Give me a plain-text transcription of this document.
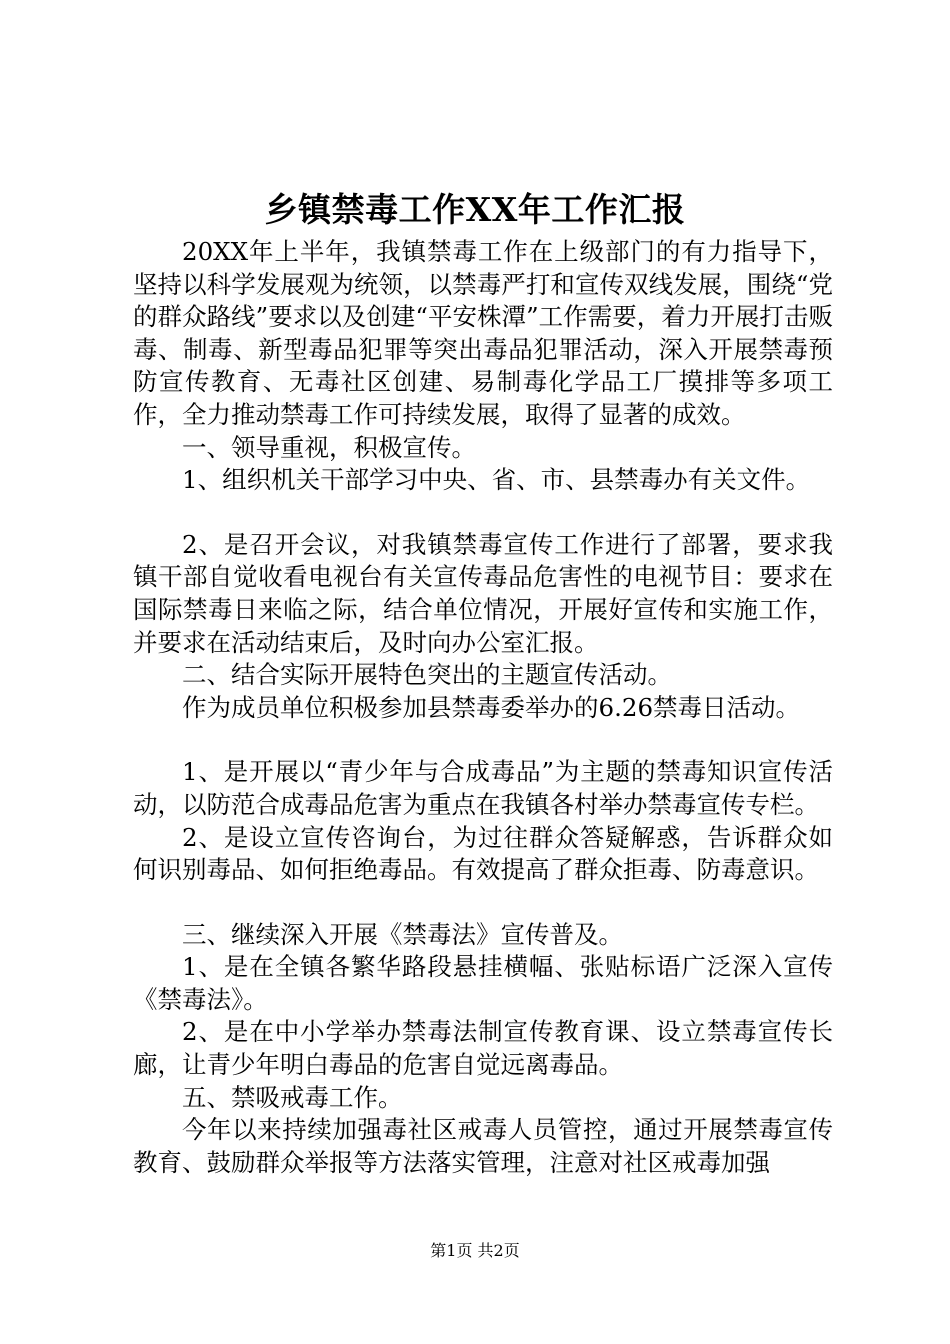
乡镇禁毒工作XX年工作汇报

20XX年上半年，我镇禁毒工作在上级部门的有力指导下，坚持以科学发展观为统领，以禁毒严打和宣传双线发展，围绕“党的群众路线”要求以及创建“平安株潭”工作需要，着力开展打击贩毒、制毒、新型毒品犯罪等突出毒品犯罪活动，深入开展禁毒预防宣传教育、无毒社区创建、易制毒化学品工厂摸排等多项工作，全力推动禁毒工作可持续发展，取得了显著的成效。

一、领导重视，积极宣传。

1、组织机关干部学习中央、省、市、县禁毒办有关文件。

2、是召开会议，对我镇禁毒宣传工作进行了部署，要求我镇干部自觉收看电视台有关宣传毒品危害性的电视节目：要求在国际禁毒日来临之际，结合单位情况，开展好宣传和实施工作，并要求在活动结束后，及时向办公室汇报。

二、结合实际开展特色突出的主题宣传活动。

作为成员单位积极参加县禁毒委举办的6.26禁毒日活动。

1、是开展以“青少年与合成毒品”为主题的禁毒知识宣传活动，以防范合成毒品危害为重点在我镇各村举办禁毒宣传专栏。

2、是设立宣传咨询台，为过往群众答疑解惑，告诉群众如何识别毒品、如何拒绝毒品。有效提高了群众拒毒、防毒意识。

三、继续深入开展《禁毒法》宣传普及。

1、是在全镇各繁华路段悬挂横幅、张贴标语广泛深入宣传《禁毒法》。

2、是在中小学举办禁毒法制宣传教育课、设立禁毒宣传长廊，让青少年明白毒品的危害自觉远离毒品。

五、禁吸戒毒工作。

今年以来持续加强毒社区戒毒人员管控，通过开展禁毒宣传教育、鼓励群众举报等方法落实管理，注意对社区戒毒加强

第1页 共2页
